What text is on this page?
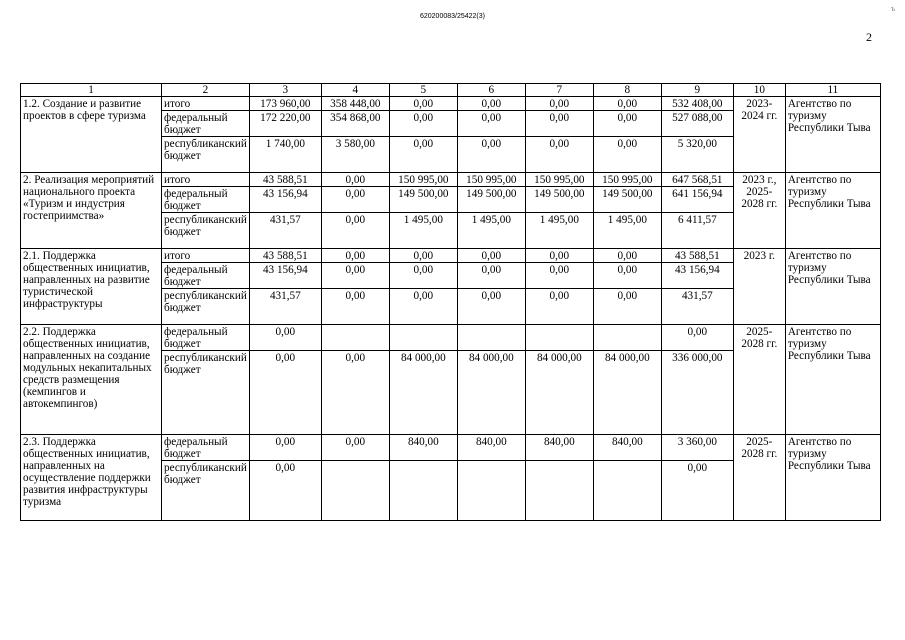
ъ
620200083/25422(3)
2
1	2	3	4	5	6	7	8	9	10	11
1.2. Создание и развитие проектов в сфере туризма	итого	173 960,00	358 448,00	0,00	0,00	0,00	0,00	532 408,00	2023-2024 гг.	Агентство по туризму Республики Тыва
	федеральный бюджет	172 220,00	354 868,00	0,00	0,00	0,00	0,00	527 088,00		
	республиканский бюджет	1 740,00	3 580,00	0,00	0,00	0,00	0,00	5 320,00		
2. Реализация мероприятий национального проекта «Туризм и индустрия гостеприимства»	итого	43 588,51	0,00	150 995,00	150 995,00	150 995,00	150 995,00	647 568,51	2023 г., 2025-2028 гг.	Агентство по туризму Республики Тыва
	федеральный бюджет	43 156,94	0,00	149 500,00	149 500,00	149 500,00	149 500,00	641 156,94		
	республиканский бюджет	431,57	0,00	1 495,00	1 495,00	1 495,00	1 495,00	6 411,57		
2.1. Поддержка общественных инициатив, направленных на развитие туристической инфраструктуры	итого	43 588,51	0,00	0,00	0,00	0,00	0,00	43 588,51	2023 г.	Агентство по туризму Республики Тыва
	федеральный бюджет	43 156,94	0,00	0,00	0,00	0,00	0,00	43 156,94		
	республиканский бюджет	431,57	0,00	0,00	0,00	0,00	0,00	431,57		
2.2. Поддержка общественных инициатив, направленных на создание модульных некапитальных средств размещения (кемпингов и автокемпингов)	федеральный бюджет	0,00						0,00	2025-2028 гг.	Агентство по туризму Республики Тыва
	республиканский бюджет	0,00	0,00	84 000,00	84 000,00	84 000,00	84 000,00	336 000,00		
2.3. Поддержка общественных инициатив, направленных на осуществление поддержки развития инфраструктуры туризма	федеральный бюджет	0,00	0,00	840,00	840,00	840,00	840,00	3 360,00	2025-2028 гг.	Агентство по туризму Республики Тыва
	республиканский бюджет	0,00						0,00		
